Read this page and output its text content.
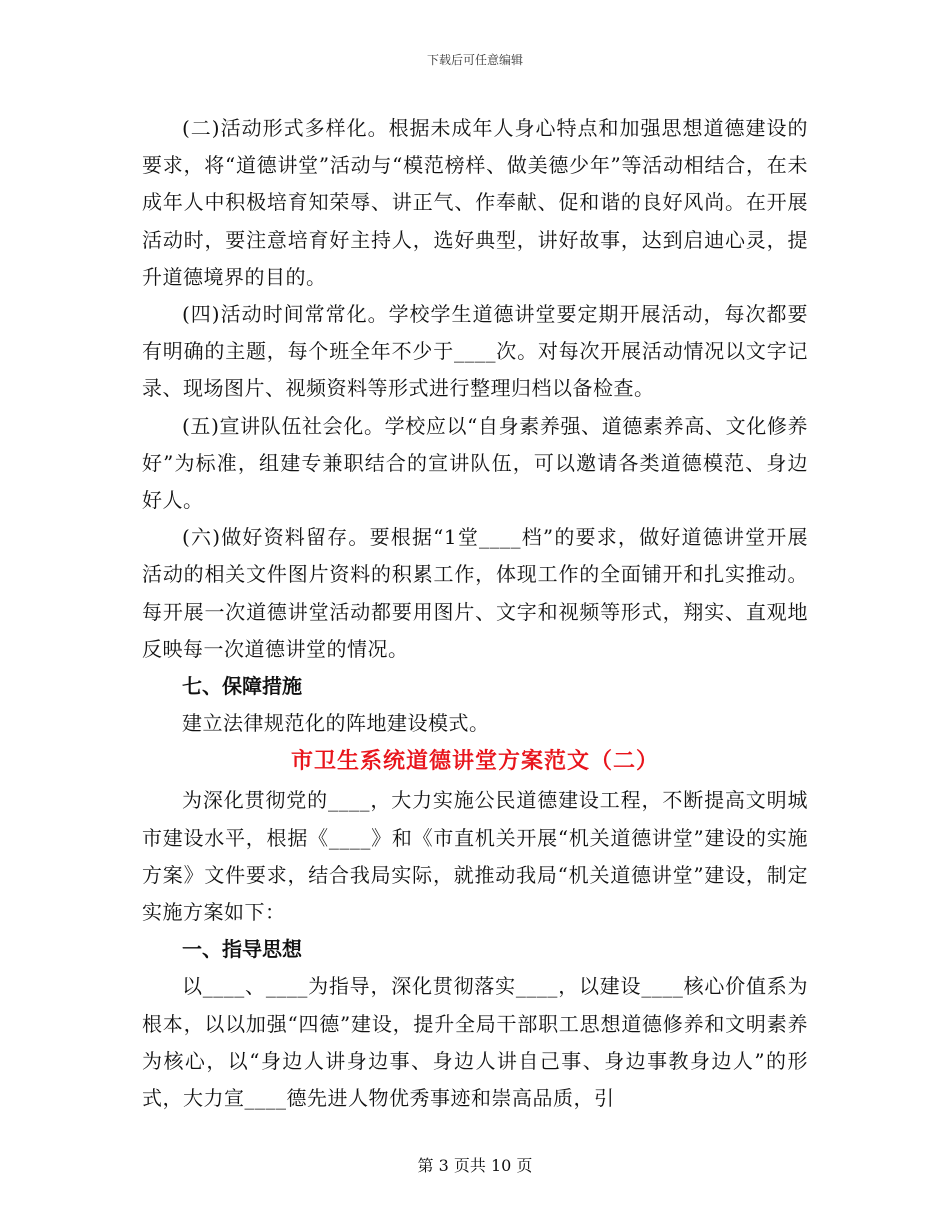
下载后可任意编辑

(二)活动形式多样化。根据未成年人身心特点和加强思想道德建设的要求，将“道德讲堂”活动与“模范榜样、做美德少年”等活动相结合，在未成年人中积极培育知荣辱、讲正气、作奉献、促和谐的良好风尚。在开展活动时，要注意培育好主持人，选好典型，讲好故事，达到启迪心灵，提升道德境界的目的。

(四)活动时间常常化。学校学生道德讲堂要定期开展活动，每次都要有明确的主题，每个班全年不少于____次。对每次开展活动情况以文字记录、现场图片、视频资料等形式进行整理归档以备检查。

(五)宣讲队伍社会化。学校应以“自身素养强、道德素养高、文化修养好”为标准，组建专兼职结合的宣讲队伍，可以邀请各类道德模范、身边好人。

(六)做好资料留存。要根据“1堂____档”的要求，做好道德讲堂开展活动的相关文件图片资料的积累工作，体现工作的全面铺开和扎实推动。每开展一次道德讲堂活动都要用图片、文字和视频等形式，翔实、直观地反映每一次道德讲堂的情况。

七、保障措施

建立法律规范化的阵地建设模式。

市卫生系统道德讲堂方案范文（二）

为深化贯彻党的____，大力实施公民道德建设工程，不断提高文明城市建设水平，根据《____》和《市直机关开展“机关道德讲堂”建设的实施方案》文件要求，结合我局实际，就推动我局“机关道德讲堂”建设，制定实施方案如下：

一、指导思想

以____、____为指导，深化贯彻落实____，以建设____核心价值系为根本，以以加强“四德”建设，提升全局干部职工思想道德修养和文明素养为核心，以“身边人讲身边事、身边人讲自己事、身边事教身边人”的形式，大力宣____德先进人物优秀事迹和崇高品质，引

第 3 页共 10 页
